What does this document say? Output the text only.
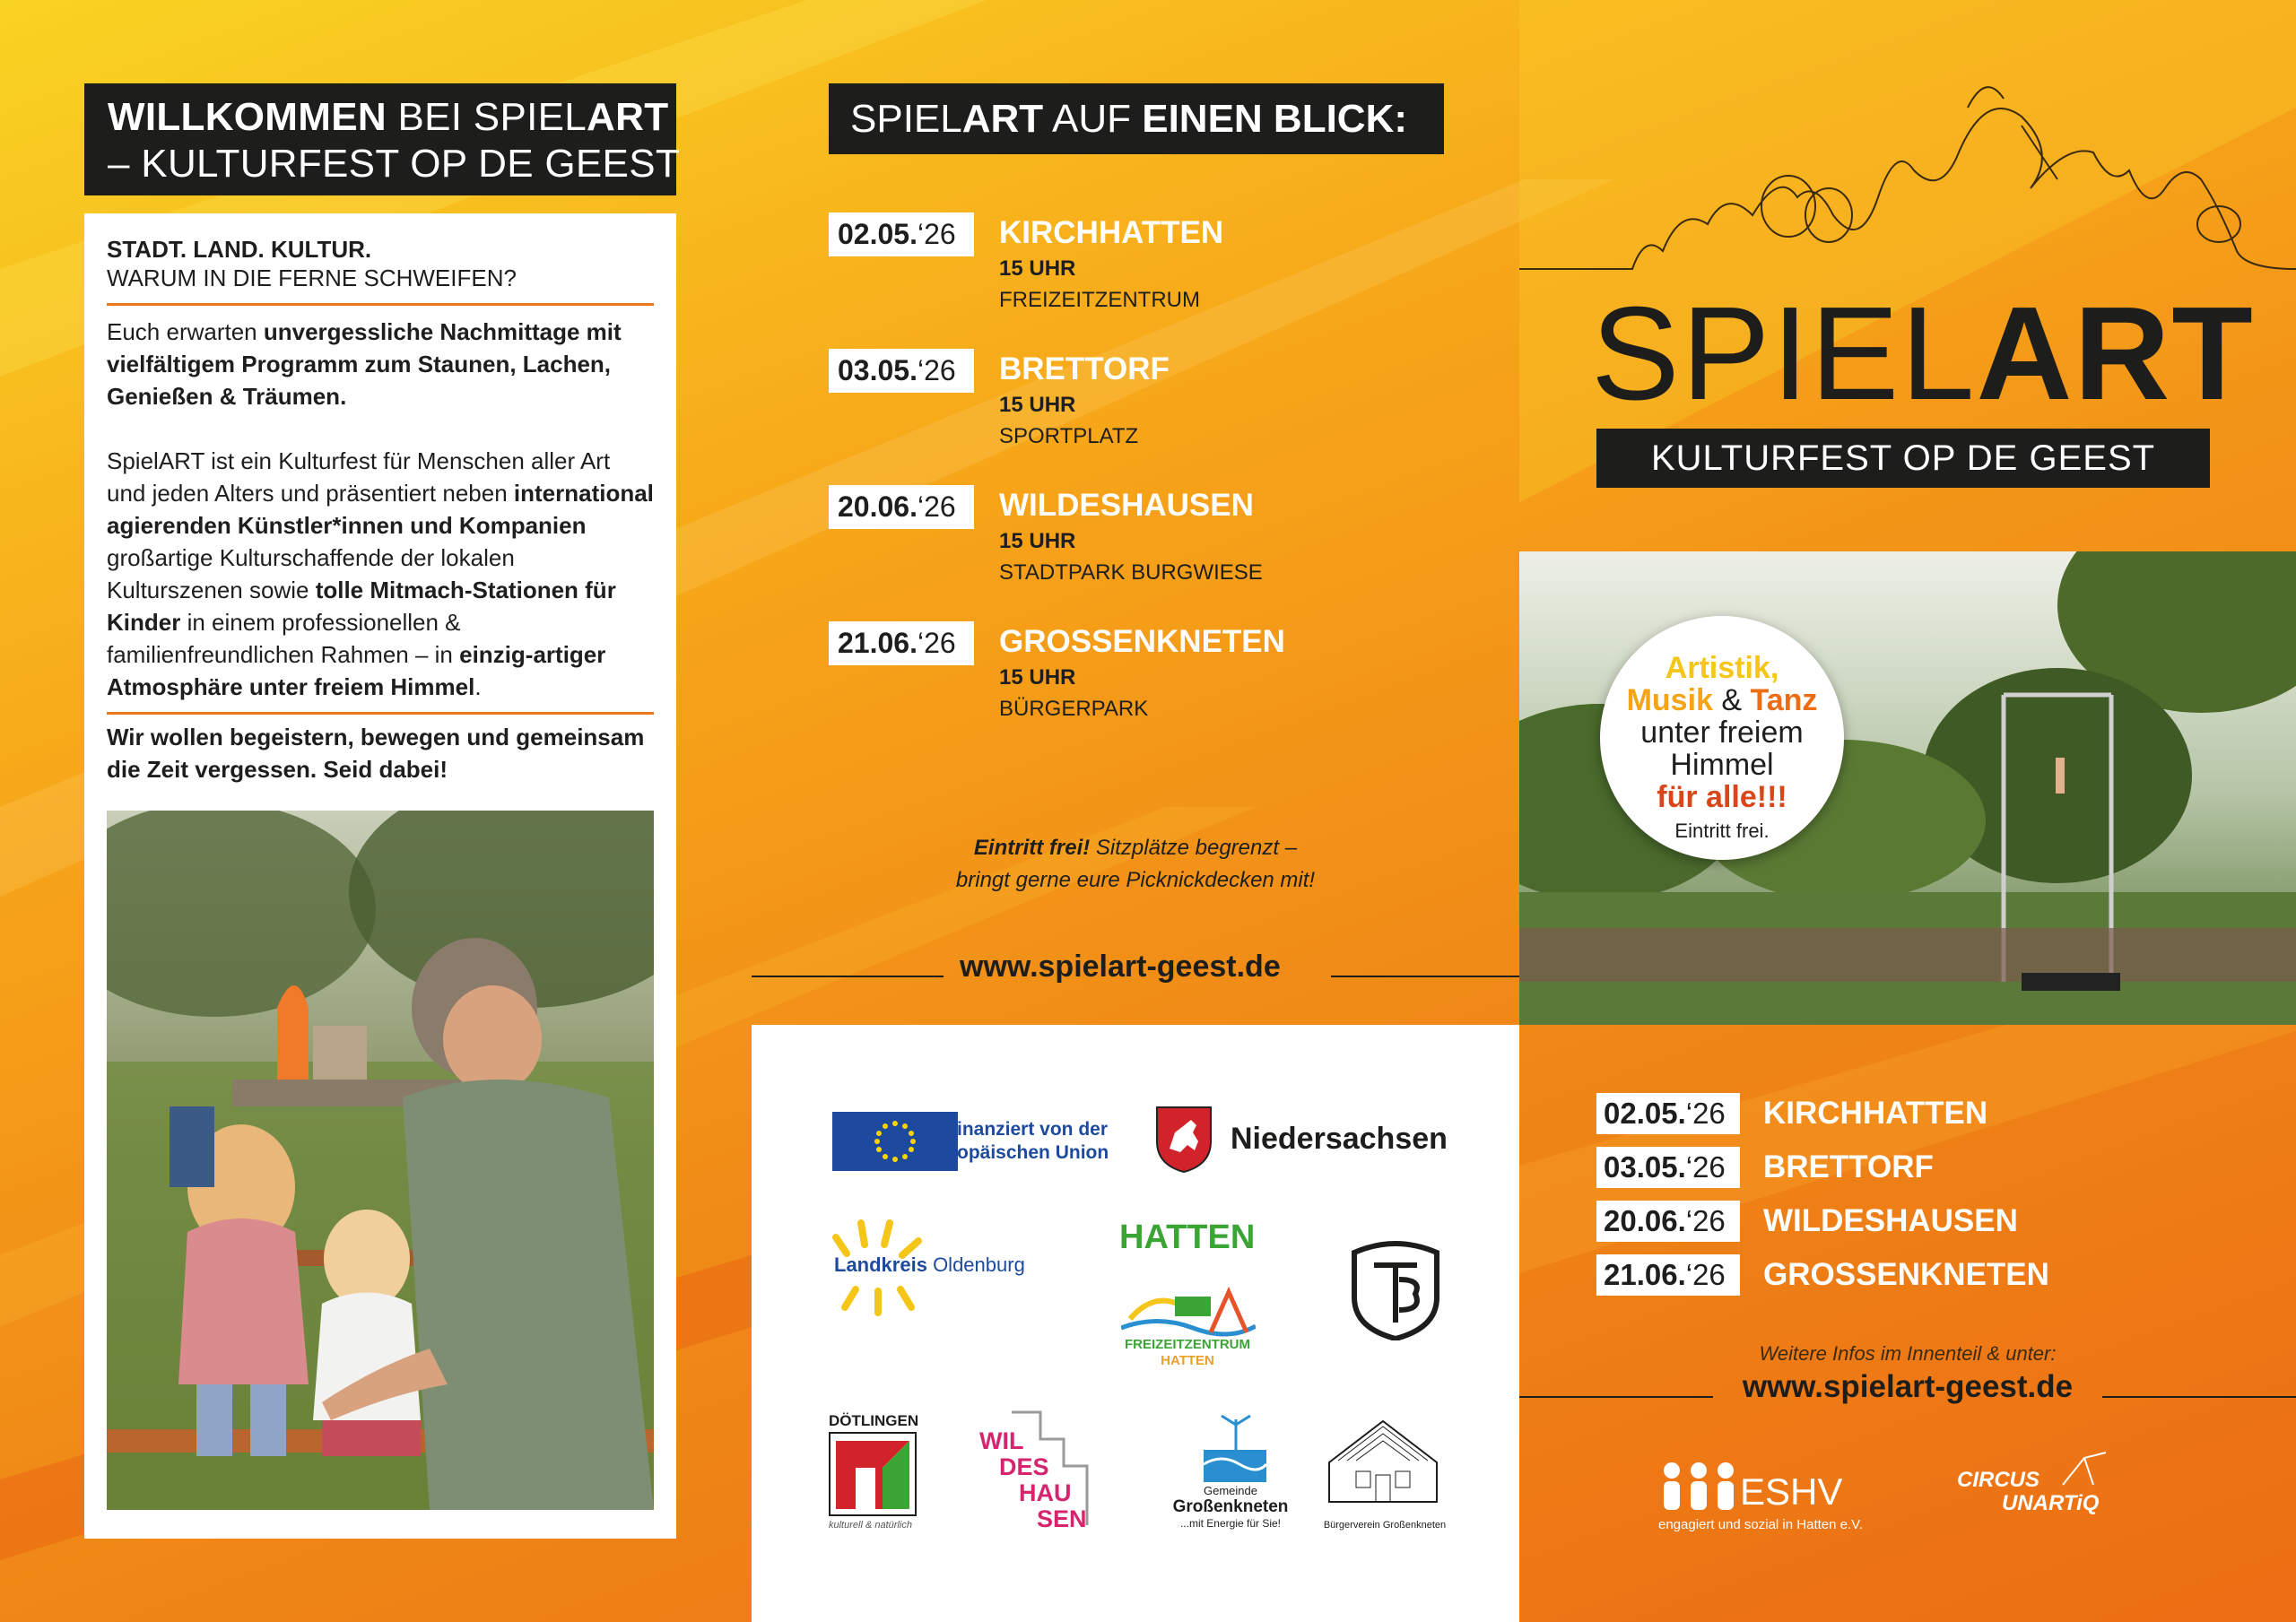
WILLKOMMEN BEI SPIELART
– KULTURFEST OP DE GEEST
STADT. LAND. KULTUR.
WARUM IN DIE FERNE SCHWEIFEN?
Euch erwarten unvergessliche Nachmittage mit vielfältigem Programm zum Staunen, Lachen, Genießen & Träumen.
SpielART ist ein Kulturfest für Menschen aller Art und jeden Alters und präsentiert neben international agierenden Künstler*innen und Kompanien großartige Kulturschaffende der lokalen Kulturszenen sowie tolle Mitmach-Stationen für Kinder in einem professionellen & familienfreundlichen Rahmen – in einzig-artiger Atmosphäre unter freiem Himmel.
Wir wollen begeistern, bewegen und gemeinsam die Zeit vergessen. Seid dabei!
SPIELART AUF EINEN BLICK:
02.05.‘26	KIRCHHATTEN
15 UHR
FREIZEITZENTRUM
03.05.‘26	BRETTORF
15 UHR
SPORTPLATZ
20.06.‘26	WILDESHAUSEN
15 UHR
STADTPARK BURGWIESE
21.06.‘26	GROSSENKNETEN
15 UHR
BÜRGERPARK
Eintritt frei! Sitzplätze begrenzt –
bringt gerne eure Picknickdecken mit!
www.spielart-geest.de
Kofinanziert von der
Europäischen Union	Niedersachsen
Landkreis Oldenburg
HATTEN
FREIZEITZENTRUM
HATTEN
DÖTLINGEN
kulturell & natürlich
WIL
DES
HAU
SEN
Gemeinde
Großenkneten
...mit Energie für Sie!	Bürgerverein Großenkneten
SPIELART
KULTURFEST OP DE GEEST
Artistik,
Musik & Tanz
unter freiem
Himmel
für alle!!!
Eintritt frei.
02.05.‘26	KIRCHHATTEN
03.05.‘26	BRETTORF
20.06.‘26	WILDESHAUSEN
21.06.‘26	GROSSENKNETEN
Weitere Infos im Innenteil & unter:
www.spielart-geest.de
ESHV
engagiert und sozial in Hatten e.V.
CIRCUS
UNARTiQ
